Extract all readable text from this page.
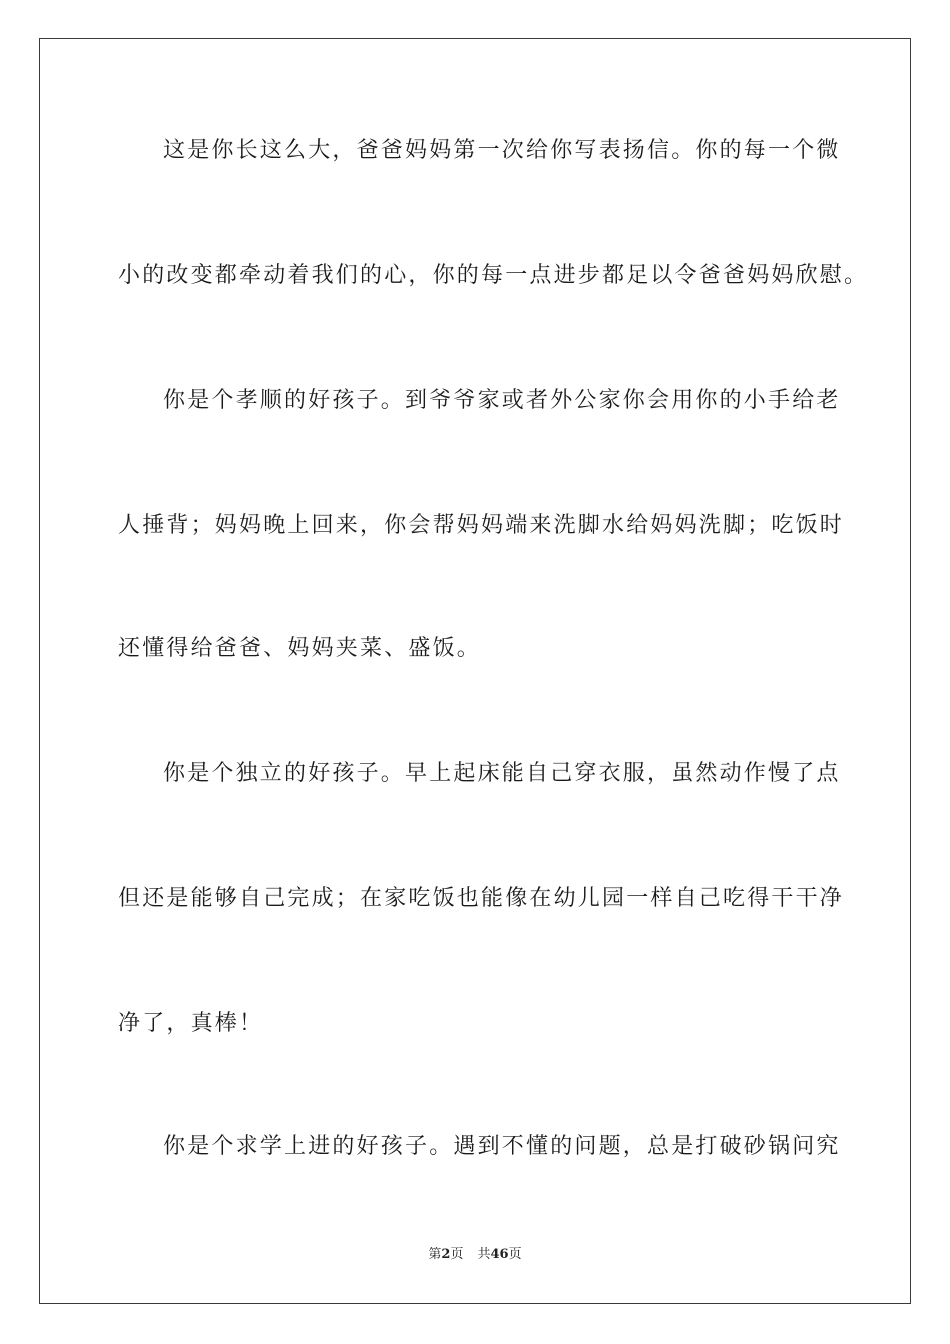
这是你长这么大，爸爸妈妈第一次给你写表扬信。你的每一个微

小的改变都牵动着我们的心，你的每一点进步都足以令爸爸妈妈欣慰。

你是个孝顺的好孩子。到爷爷家或者外公家你会用你的小手给老

人捶背；妈妈晚上回来，你会帮妈妈端来洗脚水给妈妈洗脚；吃饭时

还懂得给爸爸、妈妈夹菜、盛饭。

你是个独立的好孩子。早上起床能自己穿衣服，虽然动作慢了点

但还是能够自己完成；在家吃饭也能像在幼儿园一样自己吃得干干净

净了，真棒！

你是个求学上进的好孩子。遇到不懂的问题，总是打破砂锅问究

第2页 共46页
